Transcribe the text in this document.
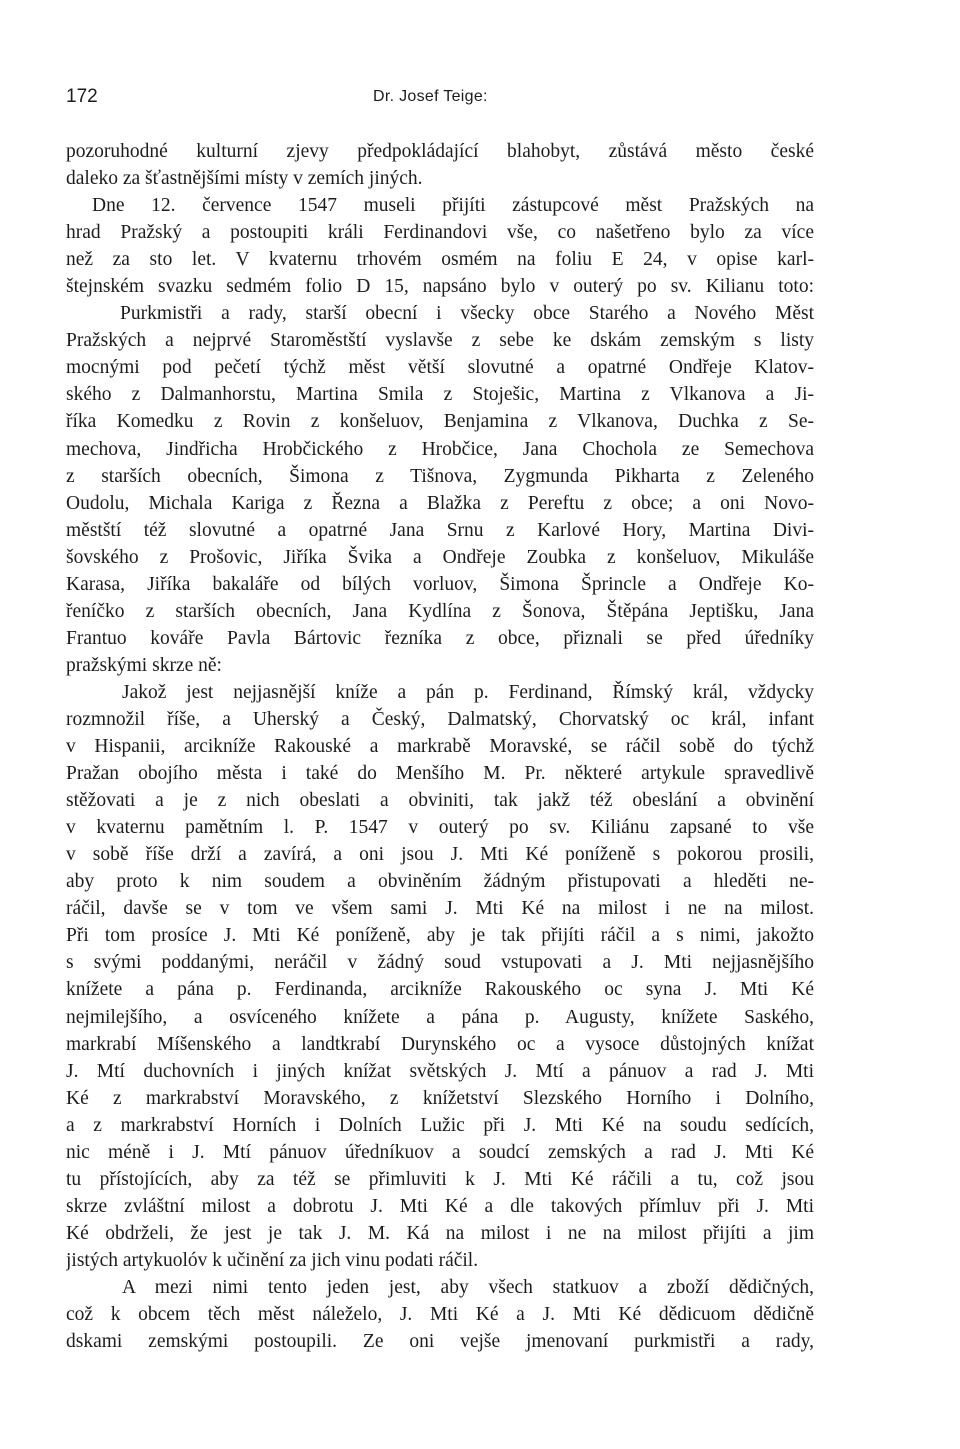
172	Dr. Josef Teige:
pozoruhodné kulturní zjevy předpokládající blahobyt, zůstává město české
daleko za šťastnějšími místy v zemích jiných.
Dne 12. července 1547 museli přijíti zástupcové měst Pražských na
hrad Pražský a postoupiti králi Ferdinandovi vše, co našetřeno bylo za více
než za sto let. V kvaternu trhovém osmém na foliu E 24, v opise karl-
štejnském svazku sedmém folio D 15, napsáno bylo v outerý po sv. Kilianu toto:
Purkmistři a rady, starší obecní i všecky obce Starého a Nového Měst
Pražských a nejprvé Staroměstští vyslavše z sebe ke dskám zemským s listy
mocnými pod pečetí týchž měst větší slovutné a opatrné Ondřeje Klatov-
ského z Dalmanhorstu, Martina Smila z Stoješic, Martina z Vlkanova a Ji-
říka Komedku z Rovin z konšeluov, Benjamina z Vlkanova, Duchka z Se-
mechova, Jindřicha Hrobčického z Hrobčice, Jana Chochola ze Semechova
z starších obecních, Šimona z Tišnova, Zygmunda Pikharta z Zeleného
Oudolu, Michala Kariga z Řezna a Blažka z Pereftu z obce; a oni Novo-
městští též slovutné a opatrné Jana Srnu z Karlové Hory, Martina Divi-
šovského z Prošovic, Jiříka Švika a Ondřeje Zoubka z konšeluov, Mikuláše
Karasa, Jiříka bakaláře od bílých vorluov, Šimona Šprincle a Ondřeje Ko-
řeníčko z starších obecních, Jana Kydlína z Šonova, Štěpána Jeptišku, Jana
Frantuo kováře Pavla Bártovic řezníka z obce, přiznali se před úředníky
pražskými skrze ně:
Jakož jest nejjasnější kníže a pán p. Ferdinand, Římský král, vždycky
rozmnožil říše, a Uherský a Český, Dalmatský, Chorvatský oc král, infant
v Hispanii, arcikníže Rakouské a markrabě Moravské, se ráčil sobě do týchž
Pražan obojího města i také do Menšího M. Pr. některé artykule spravedlivě
stěžovati a je z nich obeslati a obviniti, tak jakž též obeslání a obvinění
v kvaternu pamětním l. P. 1547 v outerý po sv. Kiliánu zapsané to vše
v sobě říše drží a zavírá, a oni jsou J. Mti Ké poníženě s pokorou prosili,
aby proto k nim soudem a obviněním žádným přistupovati a hleděti ne-
ráčil, davše se v tom ve všem sami J. Mti Ké na milost i ne na milost.
Při tom prosíce J. Mti Ké poníženě, aby je tak přijíti ráčil a s nimi, jakožto
s svými poddanými, neráčil v žádný soud vstupovati a J. Mti nejjasnějšího
knížete a pána p. Ferdinanda, arcikníže Rakouského oc syna J. Mti Ké
nejmilejšího, a osvíceného knížete a pána p. Augusty, knížete Saského,
markrabí Míšenského a landtkrabí Durynského oc a vysoce důstojných knížat
J. Mtí duchovních i jiných knížat světských J. Mtí a pánuov a rad J. Mti
Ké z markrabství Moravského, z knížetství Slezského Horního i Dolního,
a z markrabství Horních i Dolních Lužic při J. Mti Ké na soudu sedících,
nic méně i J. Mtí pánuov úředníkuov a soudcí zemských a rad J. Mti Ké
tu přístojících, aby za též se přimluviti k J. Mti Ké ráčili a tu, což jsou
skrze zvláštní milost a dobrotu J. Mti Ké a dle takových přímluv při J. Mti
Ké obdrželi, že jest je tak J. M. Ká na milost i ne na milost přijíti a jim
jistých artykuolóv k učinění za jich vinu podati ráčil.
A mezi nimi tento jeden jest, aby všech statkuov a zboží dědičných,
což k obcem těch měst náleželo, J. Mti Ké a J. Mti Ké dědicuom dědičně
dskami zemskými postoupili. Ze oni vejše jmenovaní purkmistři a rady,
